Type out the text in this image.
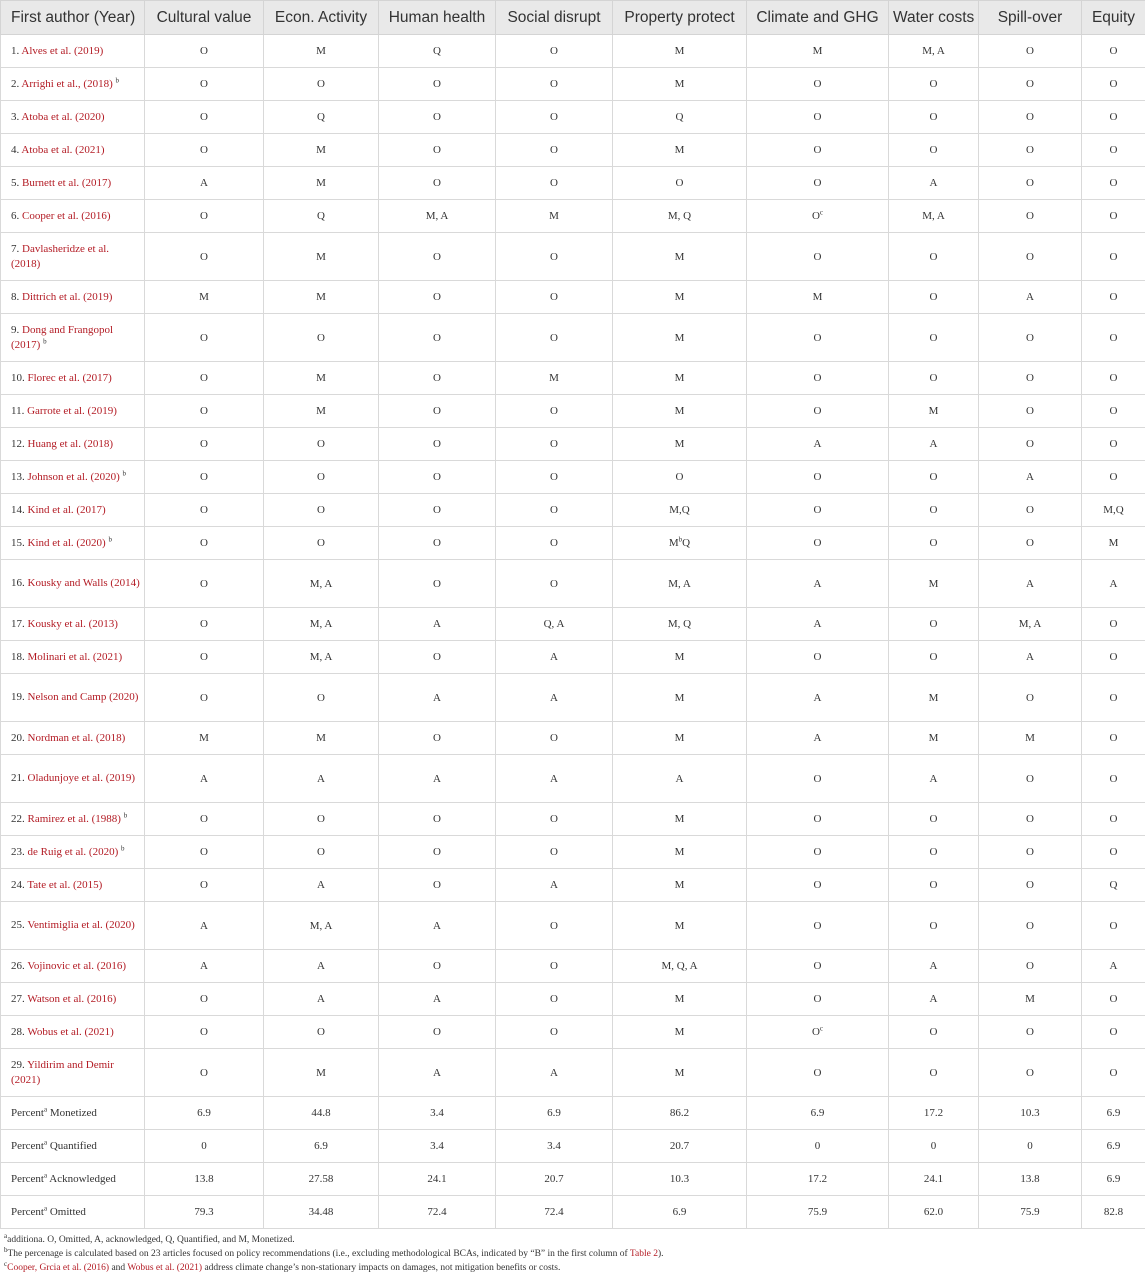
First author (Year)	Cultural value	Econ. Activity	Human health	Social disrupt	Property protect	Climate and GHG	Water costs	Spill-over	Equity
1. Alves et al. (2019)	O	M	Q	O	M	M	M, A	O	O
2. Arrighi et al., (2018) $^b$	O	O	O	O	M	O	O	O	O
3. Atoba et al. (2020)	O	Q	O	O	Q	O	O	O	O
4. Atoba et al. (2021)	O	M	O	O	M	O	O	O	O
5. Burnett et al. (2017)	A	M	O	O	O	O	A	O	O
6. Cooper et al. (2016)	O	Q	M, A	M	M, Q	$O^c$	M, A	O	O
7. Davlasheridze et al. (2018)	O	M	O	O	M	O	O	O	O
8. Dittrich et al. (2019)	M	M	O	O	M	M	O	A	O
9. Dong and Frangopol (2017) $^b$	O	O	O	O	M	O	O	O	O
10. Florec et al. (2017)	O	M	O	M	M	O	O	O	O
11. Garrote et al. (2019)	O	M	O	O	M	O	M	O	O
12. Huang et al. (2018)	O	O	O	O	M	A	A	O	O
13. Johnson et al. (2020) $^b$	O	O	O	O	O	O	O	A	O
14. Kind et al. (2017)	O	O	O	O	M,Q	O	O	O	M,Q
15. Kind et al. (2020) $^b$	O	O	O	O	$M^bQ$	O	O	O	M
16. Kousky and Walls (2014)	O	M, A	O	O	M, A	A	M	A	A
17. Kousky et al. (2013)	O	M, A	A	Q, A	M, Q	A	O	M, A	O
18. Molinari et al. (2021)	O	M, A	O	A	M	O	O	A	O
19. Nelson and Camp (2020)	O	O	A	A	M	A	M	O	O
20. Nordman et al. (2018)	M	M	O	O	M	A	M	M	O
21. Oladunjoye et al. (2019)	A	A	A	A	A	O	A	O	O
22. Ramirez et al. (1988) $^b$	O	O	O	O	M	O	O	O	O
23. de Ruig et al. (2020) $^b$	O	O	O	O	M	O	O	O	O
24. Tate et al. (2015)	O	A	O	A	M	O	O	O	Q
25. Ventimiglia et al. (2020)	A	M, A	A	O	M	O	O	O	O
26. Vojinovic et al. (2016)	A	A	O	O	M, Q, A	O	A	O	A
27. Watson et al. (2016)	O	A	A	O	M	O	A	M	O
28. Wobus et al. (2021)	O	O	O	O	M	$O^c$	O	O	O
29. Yildirim and Demir (2021)	O	M	A	A	M	O	O	O	O
Percent$^a$ Monetized	6.9	44.8	3.4	6.9	86.2	6.9	17.2	10.3	6.9
Percent$^a$ Quantified	0	6.9	3.4	3.4	20.7	0	0	0	6.9
Percent$^a$ Acknowledged	13.8	27.58	24.1	20.7	10.3	17.2	24.1	13.8	6.9
Percent$^a$ Omitted	79.3	34.48	72.4	72.4	6.9	75.9	62.0	75.9	82.8
$^a$additiona. O, Omitted, A, acknowledged, Q, Quantified, and M, Monetized.
$^b$The percenage is calculated based on 23 articles focused on policy recommendations (i.e., excluding methodological BCAs, indicated by “B” in the first column of Table 2).
$^c$Cooper, Grcia et al. (2016) and Wobus et al. (2021) address climate change’s non-stationary impacts on damages, not mitigation benefits or costs.
